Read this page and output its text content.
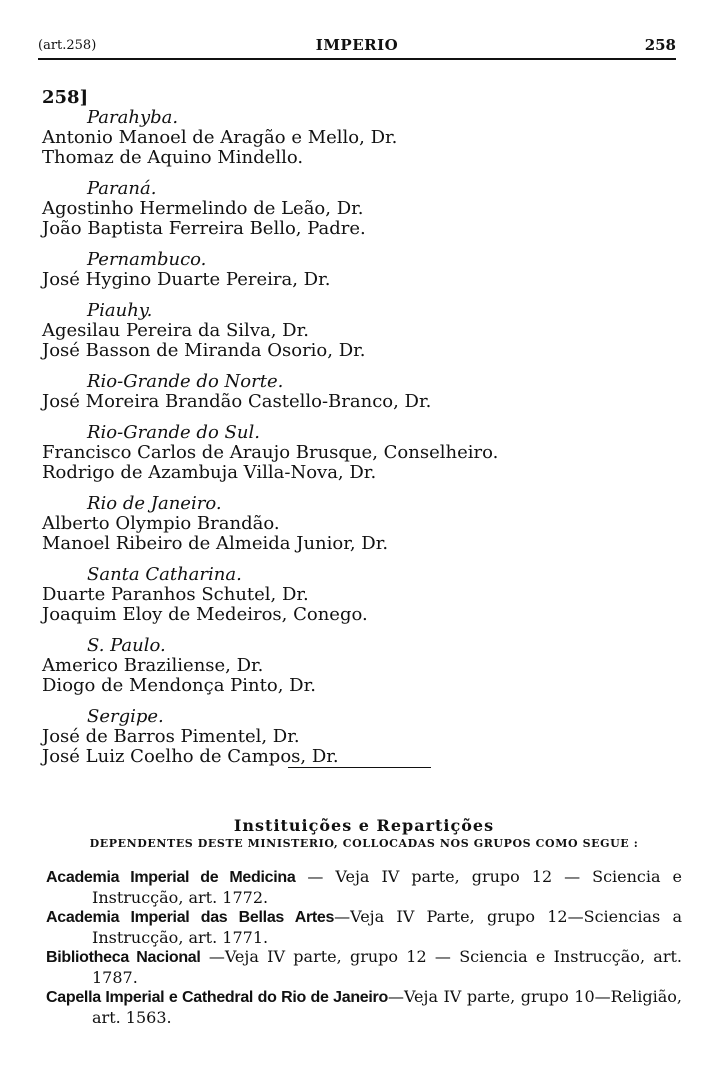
(art.258)	IMPERIO	258
258]
Parahyba.
Antonio Manoel de Aragão e Mello, Dr.
Thomaz de Aquino Mindello.
Paraná.
Agostinho Hermelindo de Leão, Dr.
João Baptista Ferreira Bello, Padre.
Pernambuco.
José Hygino Duarte Pereira, Dr.
Piauhy.
Agesilau Pereira da Silva, Dr.
José Basson de Miranda Osorio, Dr.
Rio-Grande do Norte.
José Moreira Brandão Castello-Branco, Dr.
Rio-Grande do Sul.
Francisco Carlos de Araujo Brusque, Conselheiro.
Rodrigo de Azambuja Villa-Nova, Dr.
Rio de Janeiro.
Alberto Olympio Brandão.
Manoel Ribeiro de Almeida Junior, Dr.
Santa Catharina.
Duarte Paranhos Schutel, Dr.
Joaquim Eloy de Medeiros, Conego.
S. Paulo.
Americo Braziliense, Dr.
Diogo de Mendonça Pinto, Dr.
Sergipe.
José de Barros Pimentel, Dr.
José Luiz Coelho de Campos, Dr.
Instituições e Repartições
DEPENDENTES DESTE MINISTERIO, COLLOCADAS NOS GRUPOS COMO SEGUE :
Academia Imperial de Medicina — Veja IV parte, grupo 12 — Sciencia e Instrucção, art. 1772.
Academia Imperial das Bellas Artes—Veja IV Parte, grupo 12—Sciencias a Instrucção, art. 1771.
Bibliotheca Nacional —Veja IV parte, grupo 12 — Sciencia e Instrucção, art. 1787.
Capella Imperial e Cathedral do Rio de Janeiro—Veja IV parte, grupo 10—Religião, art. 1563.
